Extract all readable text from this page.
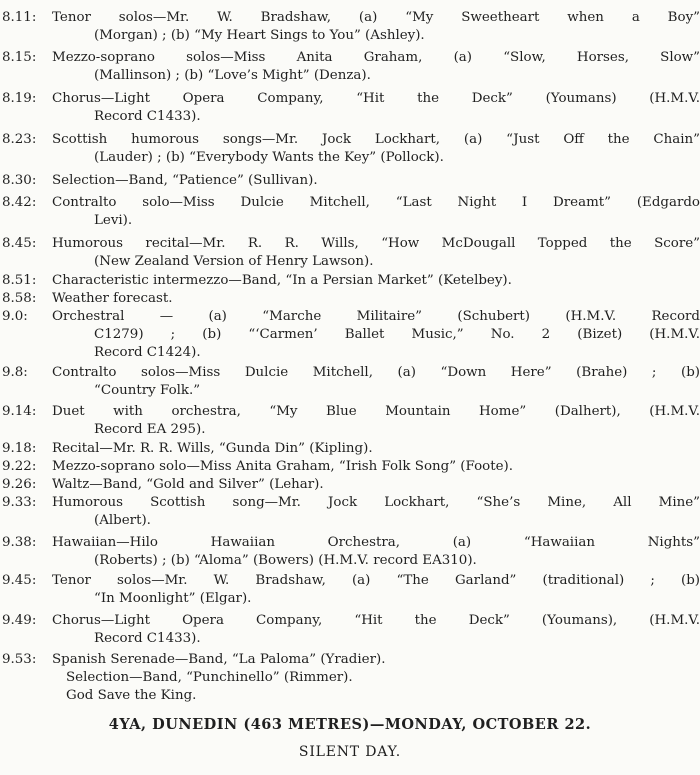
8.11: Tenor solos—Mr. W. Bradshaw, (a) “My Sweetheart when a Boy”
(Morgan) ; (b) “My Heart Sings to You” (Ashley).
8.15: Mezzo-soprano solos—Miss Anita Graham, (a) “Slow, Horses, Slow”
(Mallinson) ; (b) “Love’s Might” (Denza).
8.19: Chorus—Light Opera Company, “Hit the Deck” (Youmans) (H.M.V.
Record C1433).
8.23: Scottish humorous songs—Mr. Jock Lockhart, (a) “Just Off the Chain”
(Lauder) ; (b) “Everybody Wants the Key” (Pollock).
8.30: Selection—Band, “Patience” (Sullivan).
8.42: Contralto solo—Miss Dulcie Mitchell, “Last Night I Dreamt” (Edgardo
Levi).
8.45: Humorous recital—Mr. R. R. Wills, “How McDougall Topped the Score”
(New Zealand Version of Henry Lawson).
8.51: Characteristic intermezzo—Band, “In a Persian Market” (Ketelbey).
8.58: Weather forecast.
9.0: Orchestral — (a) “Marche Militaire” (Schubert) (H.M.V. Record
C1279) ; (b) “‘Carmen’ Ballet Music,” No. 2 (Bizet) (H.M.V.
Record C1424).
9.8: Contralto solos—Miss Dulcie Mitchell, (a) “Down Here” (Brahe) ; (b)
“Country Folk.”
9.14: Duet with orchestra, “My Blue Mountain Home” (Dalhert), (H.M.V.
Record EA 295).
9.18: Recital—Mr. R. R. Wills, “Gunda Din” (Kipling).
9.22: Mezzo-soprano solo—Miss Anita Graham, “Irish Folk Song” (Foote).
9.26: Waltz—Band, “Gold and Silver” (Lehar).
9.33: Humorous Scottish song—Mr. Jock Lockhart, “She’s Mine, All Mine”
(Albert).
9.38: Hawaiian—Hilo Hawaiian Orchestra, (a) “Hawaiian Nights”
(Roberts) ; (b) “Aloma” (Bowers) (H.M.V. record EA310).
9.45: Tenor solos—Mr. W. Bradshaw, (a) “The Garland” (traditional) ; (b)
“In Moonlight” (Elgar).
9.49: Chorus—Light Opera Company, “Hit the Deck” (Youmans), (H.M.V.
Record C1433).
9.53: Spanish Serenade—Band, “La Paloma” (Yradier).
Selection—Band, “Punchinello” (Rimmer).
God Save the King.
4YA, DUNEDIN (463 METRES)—MONDAY, OCTOBER 22.
SILENT DAY.
